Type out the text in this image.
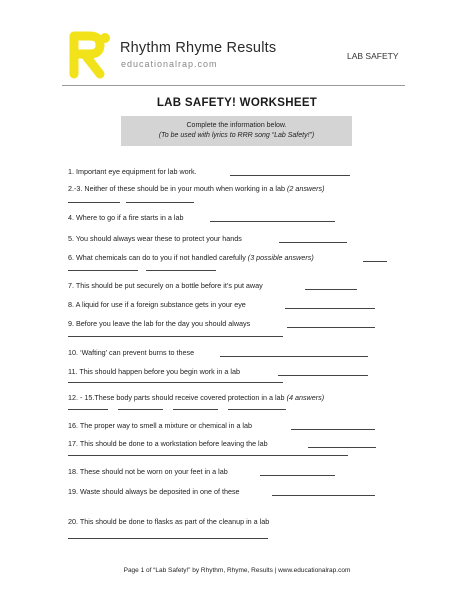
Rhythm Rhyme Results
educationalrap.com
LAB SAFETY
LAB SAFETY! WORKSHEET
Complete the information below.
(To be used with lyrics to RRR song “Lab Safety!”)
1. Important eye equipment for lab work.
2.-3. Neither of these should be in your mouth when working in a lab (2 answers)
4. Where to go if a fire starts in a lab
5. You should always wear these to protect your hands
6. What chemicals can do to you if not handled carefully (3 possible answers)
7. This should be put securely on a bottle before it’s put away
8. A liquid for use if a foreign substance gets in your eye
9. Before you leave the lab for the day you should always
10. ‘Wafting’ can prevent burns to these
11. This should happen before you begin work in a lab
12. - 15.These body parts should receive covered protection in a lab (4 answers)
16. The proper way to smell a mixture or chemical in a lab
17. This should be done to a workstation before leaving the lab
18. These should not be worn on your feet in a lab
19. Waste should always be deposited in one of these
20. This should be done to flasks as part of the cleanup in a lab
Page 1 of “Lab Safety!” by Rhythm, Rhyme, Results | www.educationalrap.com
